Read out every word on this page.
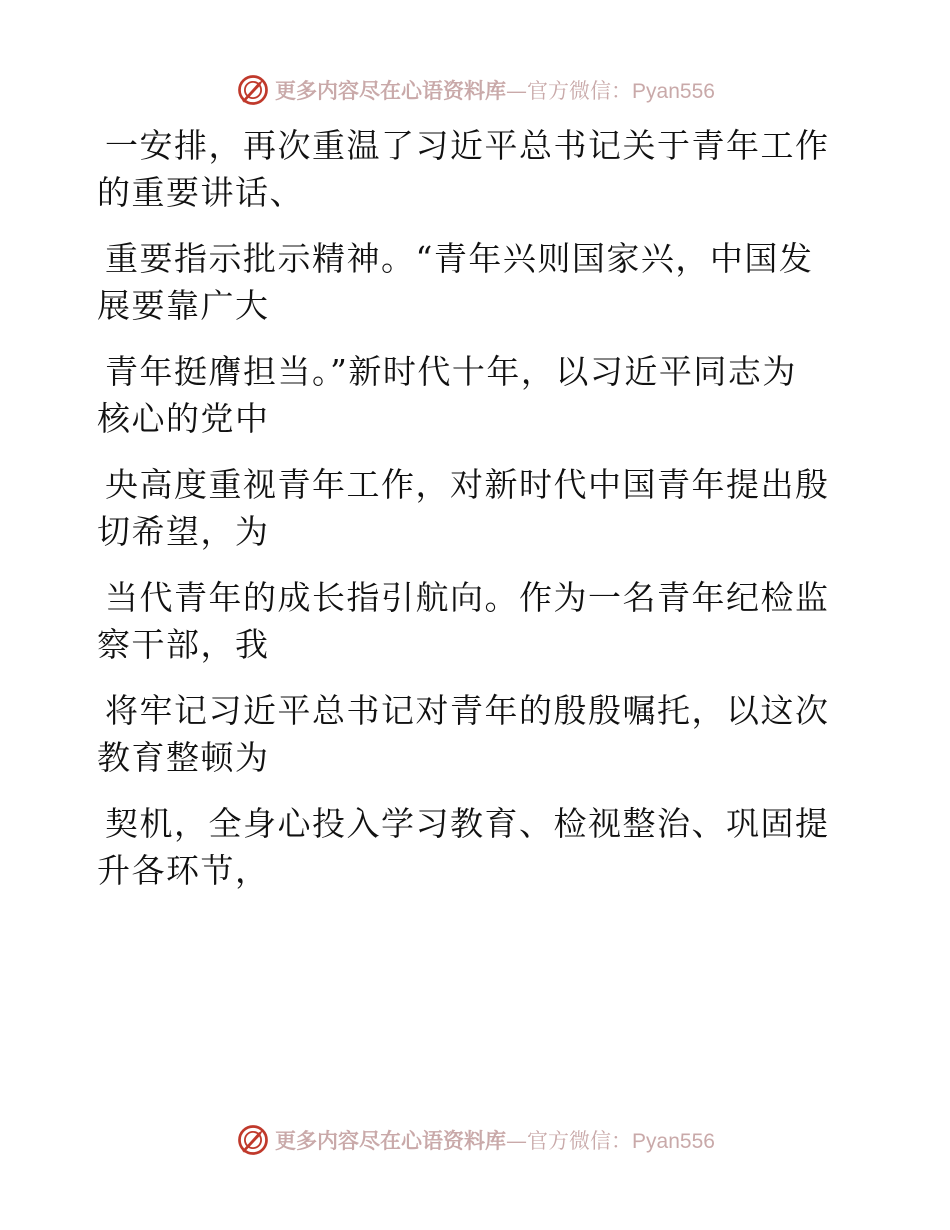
更多内容尽在心语资料库—官方微信：Pyan556
一安排，再次重温了习近平总书记关于青年工作
的重要讲话、
重要指示批示精神。“青年兴则国家兴，中国发
展要靠广大
青年挺膺担当。”新时代十年，以习近平同志为
核心的党中
央高度重视青年工作，对新时代中国青年提出殷
切希望，为
当代青年的成长指引航向。作为一名青年纪检监
察干部，我
将牢记习近平总书记对青年的殷殷嘱托，以这次
教育整顿为
契机，全身心投入学习教育、检视整治、巩固提
升各环节，
更多内容尽在心语资料库—官方微信：Pyan556
